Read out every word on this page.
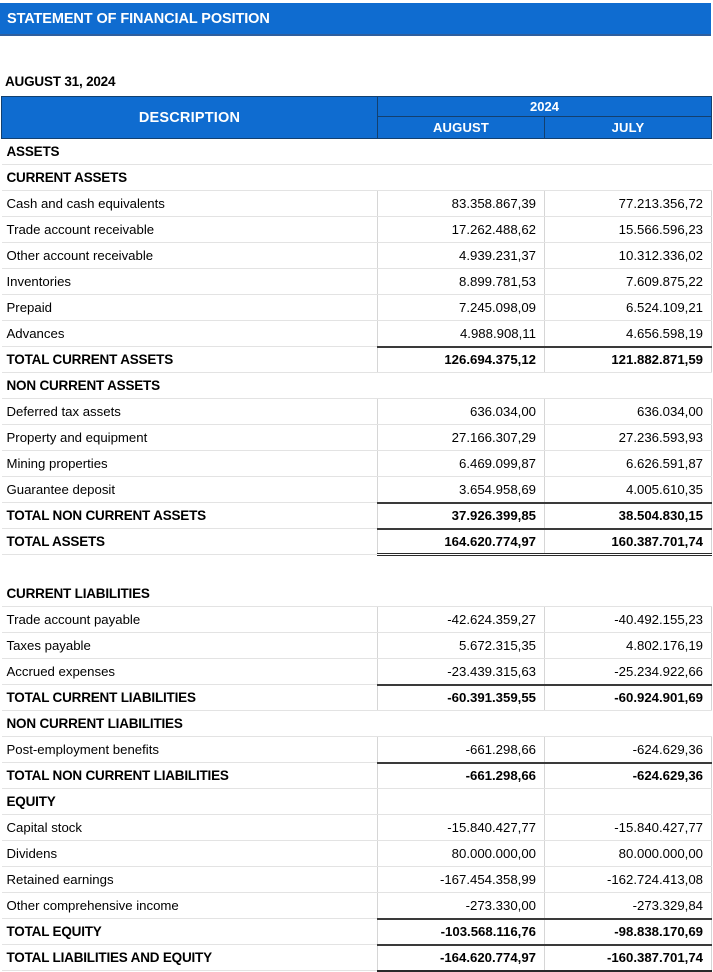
STATEMENT OF FINANCIAL POSITION
AUGUST 31, 2024
DESCRIPTION	2024	
	AUGUST	JULY
ASSETS		
CURRENT ASSETS		
Cash and cash equivalents	83.358.867,39	77.213.356,72
Trade account receivable	17.262.488,62	15.566.596,23
Other account receivable	4.939.231,37	10.312.336,02
Inventories	8.899.781,53	7.609.875,22
Prepaid	7.245.098,09	6.524.109,21
Advances	4.988.908,11	4.656.598,19
TOTAL CURRENT ASSETS	126.694.375,12	121.882.871,59
NON CURRENT ASSETS		
Deferred tax assets	636.034,00	636.034,00
Property and equipment	27.166.307,29	27.236.593,93
Mining properties	6.469.099,87	6.626.591,87
Guarantee deposit	3.654.958,69	4.005.610,35
TOTAL NON CURRENT ASSETS	37.926.399,85	38.504.830,15
TOTAL ASSETS	164.620.774,97	160.387.701,74

CURRENT LIABILITIES		
Trade account payable	-42.624.359,27	-40.492.155,23
Taxes payable	5.672.315,35	4.802.176,19
Accrued expenses	-23.439.315,63	-25.234.922,66
TOTAL CURRENT LIABILITIES	-60.391.359,55	-60.924.901,69
NON CURRENT LIABILITIES		
Post-employment benefits	-661.298,66	-624.629,36
TOTAL NON CURRENT LIABILITIES	-661.298,66	-624.629,36
EQUITY		
Capital stock	-15.840.427,77	-15.840.427,77
Dividens	80.000.000,00	80.000.000,00
Retained earnings	-167.454.358,99	-162.724.413,08
Other comprehensive income	-273.330,00	-273.329,84
TOTAL EQUITY	-103.568.116,76	-98.838.170,69
TOTAL LIABILITIES AND EQUITY	-164.620.774,97	-160.387.701,74
